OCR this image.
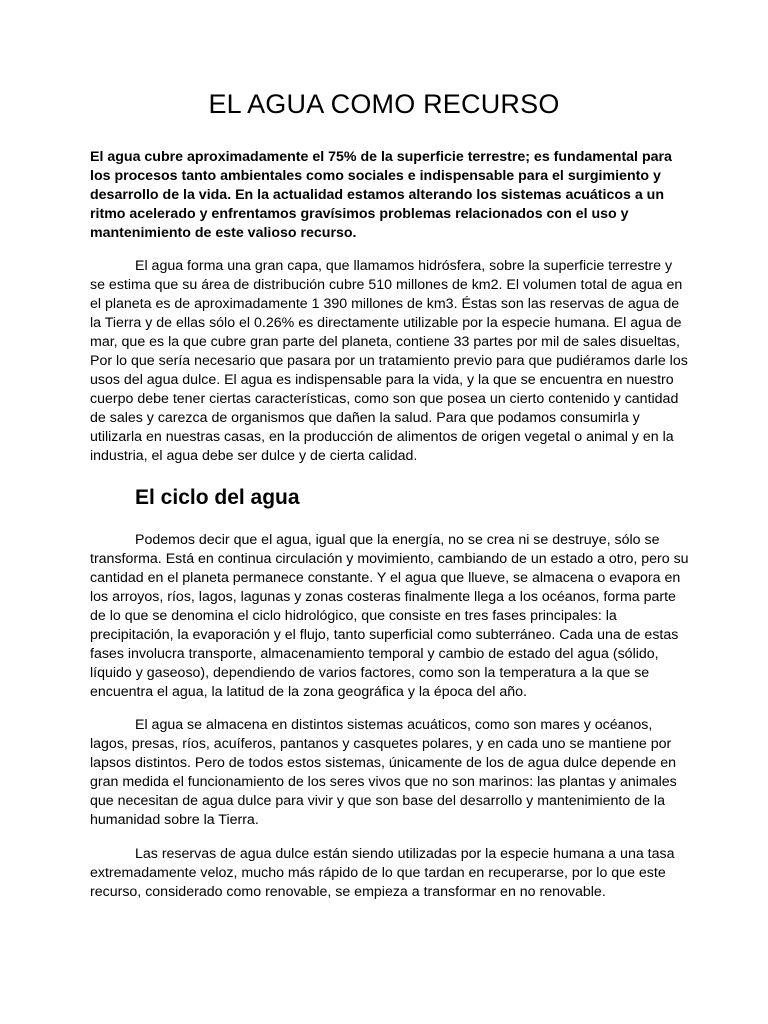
EL AGUA COMO RECURSO

El agua cubre aproximadamente el 75% de la superficie terrestre; es fundamental para los procesos tanto ambientales como sociales e indispensable para el surgimiento y desarrollo de la vida. En la actualidad estamos alterando los sistemas acuáticos a un ritmo acelerado y enfrentamos gravísimos problemas relacionados con el uso y mantenimiento de este valioso recurso.

El agua forma una gran capa, que llamamos hidrósfera, sobre la superficie terrestre y se estima que su área de distribución cubre 510 millones de km2. El volumen total de agua en el planeta es de aproximadamente 1 390 millones de km3. Éstas son las reservas de agua de la Tierra y de ellas sólo el 0.26% es directamente utilizable por la especie humana. El agua de mar, que es la que cubre gran parte del planeta, contiene 33 partes por mil de sales disueltas, Por lo que sería necesario que pasara por un tratamiento previo para que pudiéramos darle los usos del agua dulce. El agua es indispensable para la vida, y la que se encuentra en nuestro cuerpo debe tener ciertas características, como son que posea un cierto contenido y cantidad de sales y carezca de organismos que dañen la salud. Para que podamos consumirla y utilizarla en nuestras casas, en la producción de alimentos de origen vegetal o animal y en la industria, el agua debe ser dulce y de cierta calidad.

El ciclo del agua

Podemos decir que el agua, igual que la energía, no se crea ni se destruye, sólo se transforma. Está en continua circulación y movimiento, cambiando de un estado a otro, pero su cantidad en el planeta permanece constante. Y el agua que llueve, se almacena o evapora en los arroyos, ríos, lagos, lagunas y zonas costeras finalmente llega a los océanos, forma parte de lo que se denomina el ciclo hidrológico, que consiste en tres fases principales: la precipitación, la evaporación y el flujo, tanto superficial como subterráneo. Cada una de estas fases involucra transporte, almacenamiento temporal y cambio de estado del agua (sólido, líquido y gaseoso), dependiendo de varios factores, como son la temperatura a la que se encuentra el agua, la latitud de la zona geográfica y la época del año.

El agua se almacena en distintos sistemas acuáticos, como son mares y océanos, lagos, presas, ríos, acuíferos, pantanos y casquetes polares, y en cada uno se mantiene por lapsos distintos. Pero de todos estos sistemas, únicamente de los de agua dulce depende en gran medida el funcionamiento de los seres vivos que no son marinos: las plantas y animales que necesitan de agua dulce para vivir y que son base del desarrollo y mantenimiento de la humanidad sobre la Tierra.

Las reservas de agua dulce están siendo utilizadas por la especie humana a una tasa extremadamente veloz, mucho más rápido de lo que tardan en recuperarse, por lo que este recurso, considerado como renovable, se empieza a transformar en no renovable.
